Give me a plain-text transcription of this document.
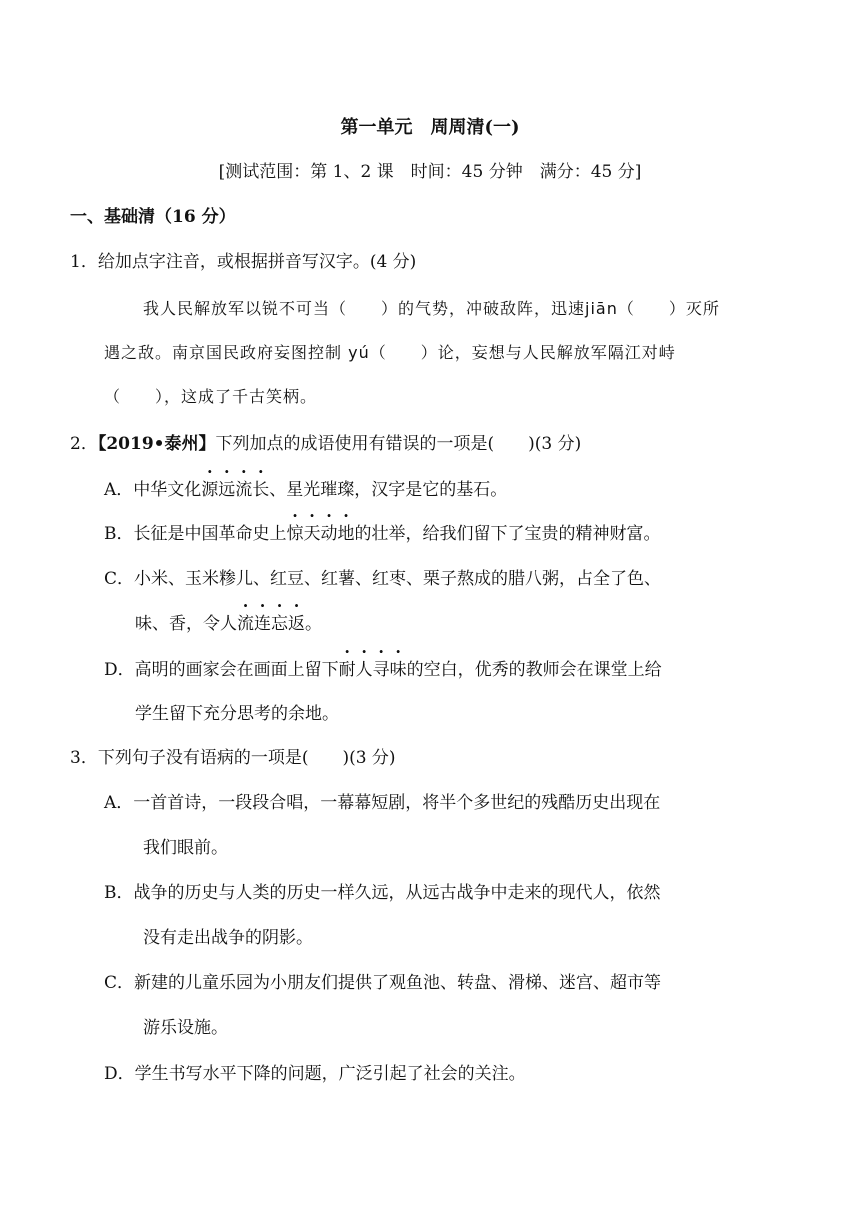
第一单元　周周清(一)
[测试范围：第 1、2 课　时间：45 分钟　满分：45 分]
一、基础清（16 分）
1．给加点字注音，或根据拼音写汉字。(4 分)
我人民解放军以锐不可当（　　）的气势，冲破敌阵，迅速jiān（　　）灭所
遇之敌。南京国民政府妄图控制 yú（　　）论，妄想与人民解放军隔江对峙
（　　），这成了千古笑柄。
2．【2019•泰州】下列加点的成语使用有错误的一项是(　　)(3 分)
A．中华文化源远流长、星光璀璨，汉字是它的基石。
B．长征是中国革命史上惊天动地的壮举，给我们留下了宝贵的精神财富。
C．小米、玉米糁儿、红豆、红薯、红枣、栗子熬成的腊八粥，占全了色、
味、香，令人流连忘返。
D．高明的画家会在画面上留下耐人寻味的空白，优秀的教师会在课堂上给
学生留下充分思考的余地。
3．下列句子没有语病的一项是(　　)(3 分)
A．一首首诗，一段段合唱，一幕幕短剧，将半个多世纪的残酷历史出现在
我们眼前。
B．战争的历史与人类的历史一样久远，从远古战争中走来的现代人，依然
没有走出战争的阴影。
C．新建的儿童乐园为小朋友们提供了观鱼池、转盘、滑梯、迷宫、超市等
游乐设施。
D．学生书写水平下降的问题，广泛引起了社会的关注。
